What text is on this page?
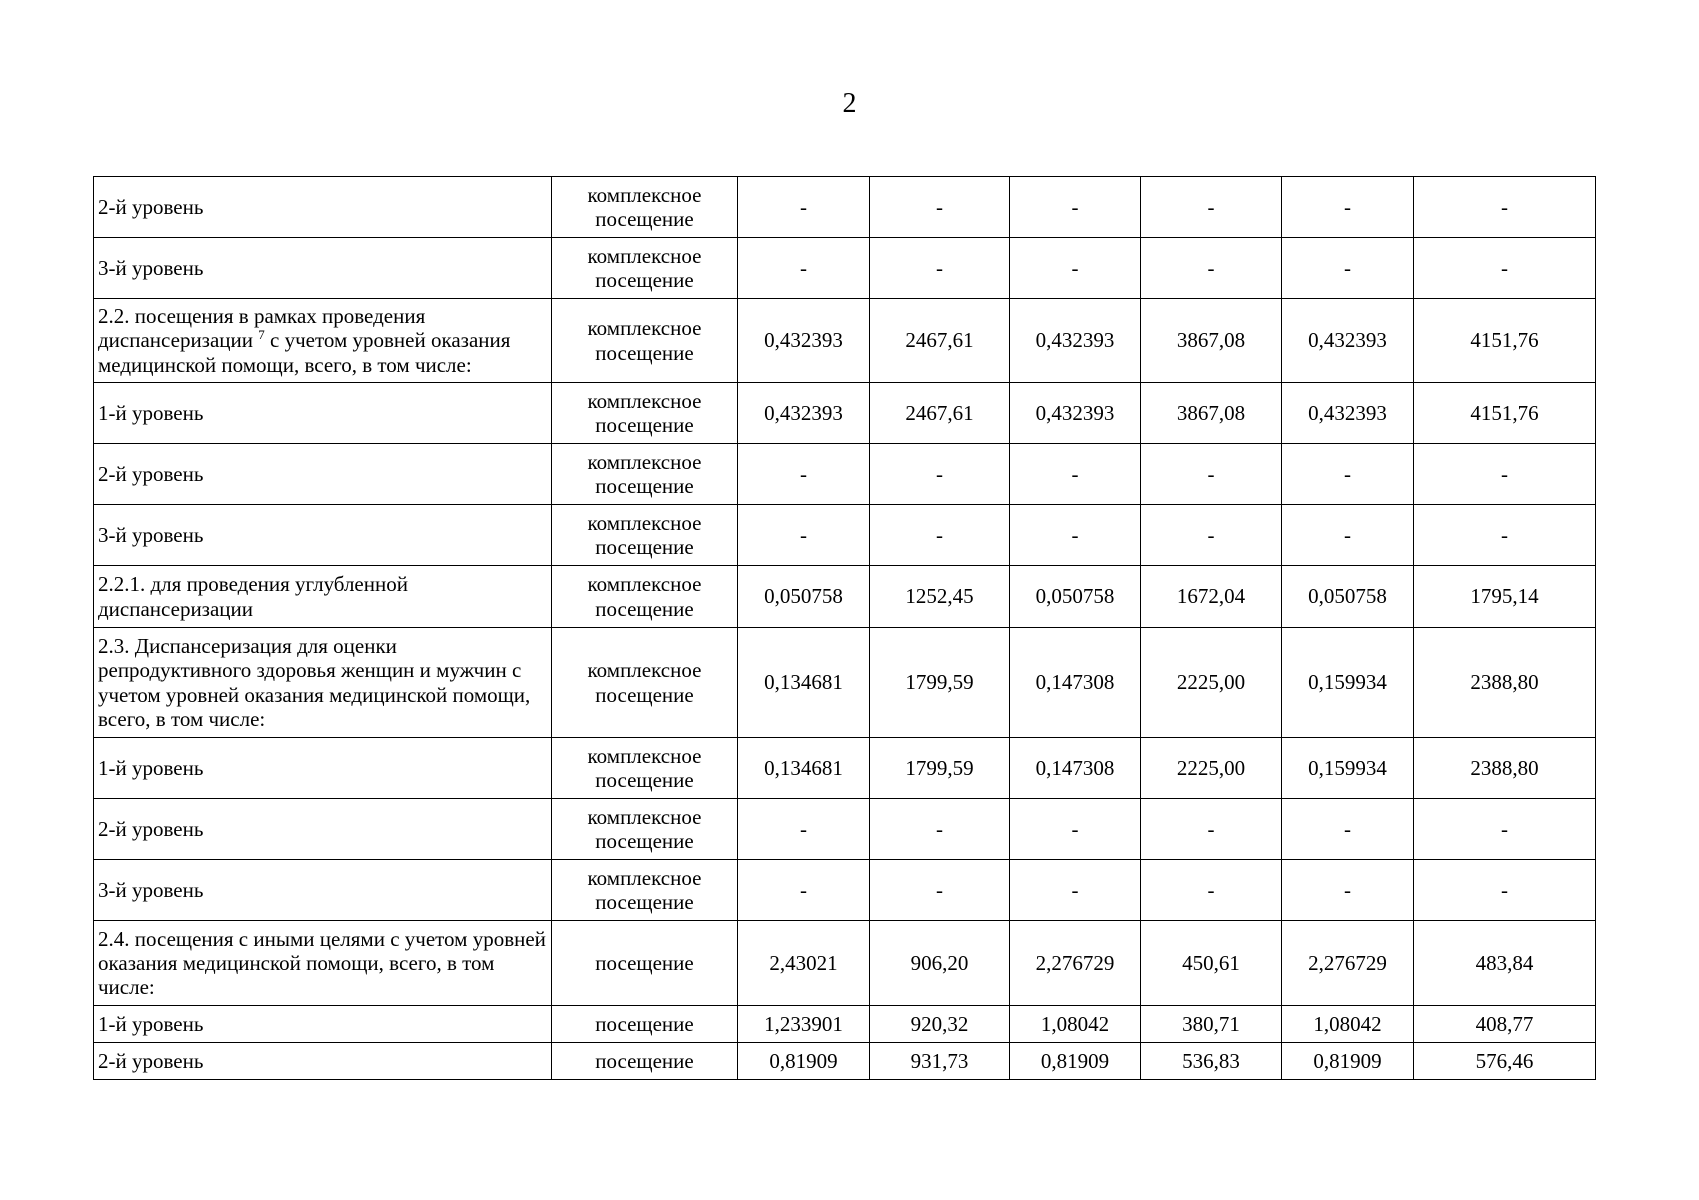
2
2-й уровень	комплексное посещение	-	-	-	-	-	-
3-й уровень	комплексное посещение	-	-	-	-	-	-
2.2. посещения в рамках проведения диспансеризации $^7$ с учетом уровней оказания медицинской помощи, всего, в том числе:	комплексное посещение	0,432393	2467,61	0,432393	3867,08	0,432393	4151,76
1-й уровень	комплексное посещение	0,432393	2467,61	0,432393	3867,08	0,432393	4151,76
2-й уровень	комплексное посещение	-	-	-	-	-	-
3-й уровень	комплексное посещение	-	-	-	-	-	-
2.2.1. для проведения углубленной диспансеризации	комплексное посещение	0,050758	1252,45	0,050758	1672,04	0,050758	1795,14
2.3. Диспансеризация для оценки репродуктивного здоровья женщин и мужчин с учетом уровней оказания медицинской помощи, всего, в том числе:	комплексное посещение	0,134681	1799,59	0,147308	2225,00	0,159934	2388,80
1-й уровень	комплексное посещение	0,134681	1799,59	0,147308	2225,00	0,159934	2388,80
2-й уровень	комплексное посещение	-	-	-	-	-	-
3-й уровень	комплексное посещение	-	-	-	-	-	-
2.4. посещения с иными целями с учетом уровней оказания медицинской помощи, всего, в том числе:	посещение	2,43021	906,20	2,276729	450,61	2,276729	483,84
1-й уровень	посещение	1,233901	920,32	1,08042	380,71	1,08042	408,77
2-й уровень	посещение	0,81909	931,73	0,81909	536,83	0,81909	576,46
